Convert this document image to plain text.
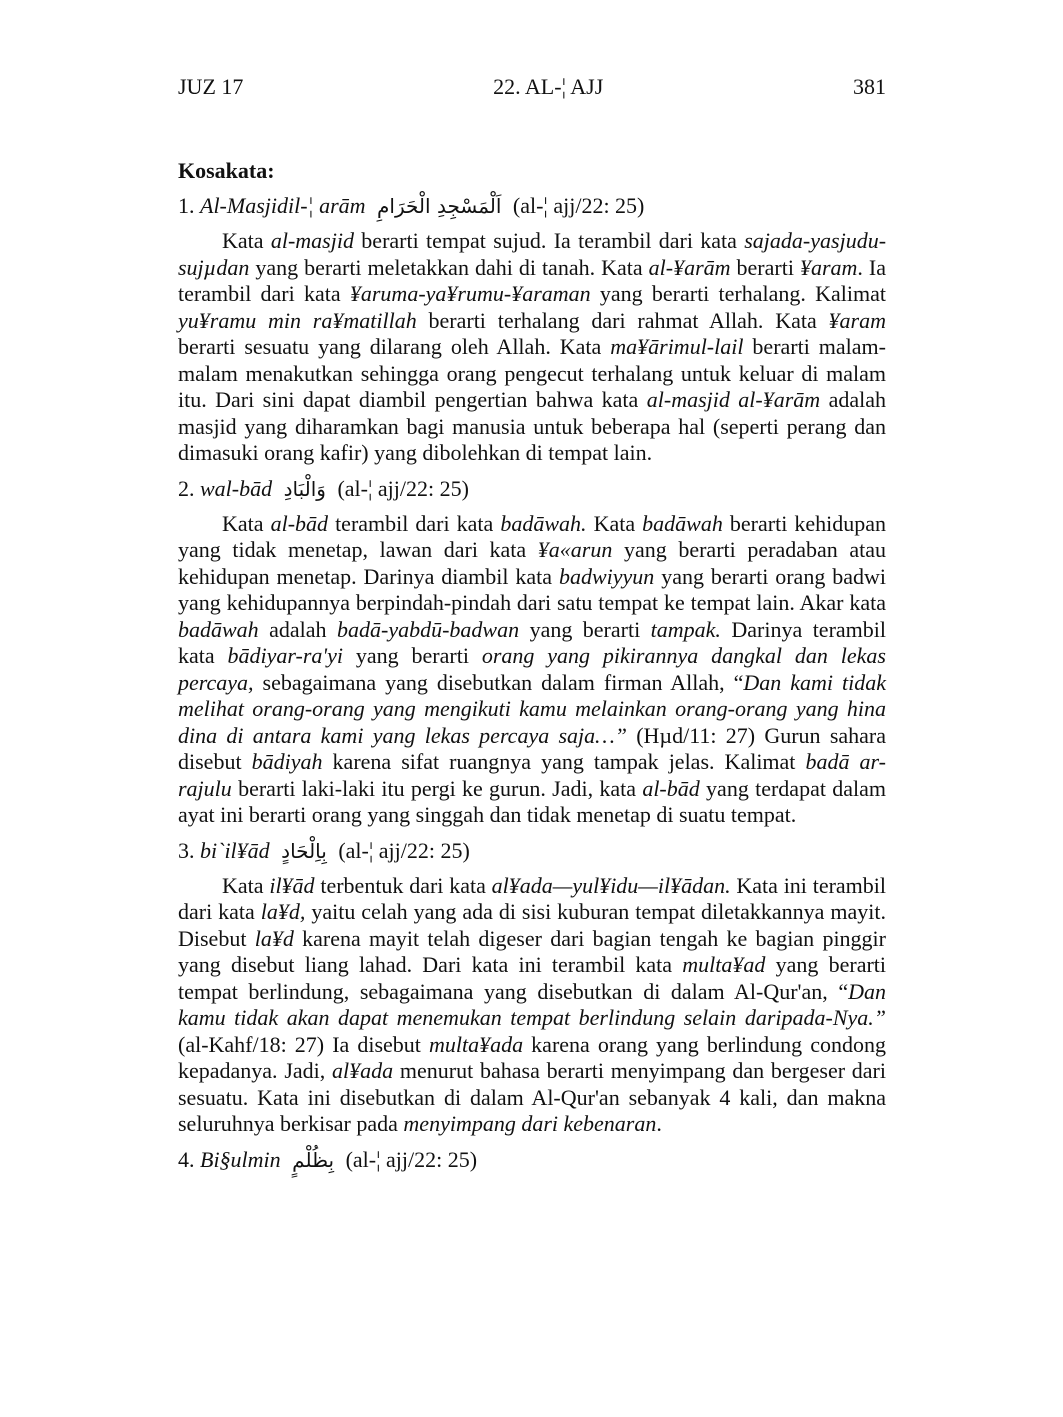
JUZ 17	22. AL-¦ AJJ	381
Kosakata:
1. Al-Masjidil-¦ arām اَلْمَسْجِدِ الْحَرَامِ (al-¦ ajj/22: 25)

Kata al-masjid berarti tempat sujud. Ia terambil dari kata sajada-yasjudu-sujµdan yang berarti meletakkan dahi di tanah. Kata al-¥arām berarti ¥aram. Ia terambil dari kata ¥aruma-ya¥rumu-¥araman yang berarti terhalang. Kalimat yu¥ramu min ra¥matillah berarti terhalang dari rahmat Allah. Kata ¥aram berarti sesuatu yang dilarang oleh Allah. Kata ma¥ārimul-lail berarti malam-malam menakutkan sehingga orang pengecut terhalang untuk keluar di malam itu. Dari sini dapat diambil pengertian bahwa kata al-masjid al-¥arām adalah masjid yang diharamkan bagi manusia untuk beberapa hal (seperti perang dan dimasuki orang kafir) yang dibolehkan di tempat lain.

2. wal-bād وَالْبَادِ (al-¦ ajj/22: 25)

Kata al-bād terambil dari kata badāwah. Kata badāwah berarti kehidupan yang tidak menetap, lawan dari kata ¥a«arun yang berarti peradaban atau kehidupan menetap. Darinya diambil kata badwiyyun yang berarti orang badwi yang kehidupannya berpindah-pindah dari satu tempat ke tempat lain. Akar kata badāwah adalah badā-yabdū-badwan yang berarti tampak. Darinya terambil kata bādiyar-ra'yi yang berarti orang yang pikirannya dangkal dan lekas percaya, sebagaimana yang disebutkan dalam firman Allah, “Dan kami tidak melihat orang-orang yang mengikuti kamu melainkan orang-orang yang hina dina di antara kami yang lekas percaya saja…” (Hµd/11: 27) Gurun sahara disebut bādiyah karena sifat ruangnya yang tampak jelas. Kalimat badā ar-rajulu berarti laki-laki itu pergi ke gurun. Jadi, kata al-bād yang terdapat dalam ayat ini berarti orang yang singgah dan tidak menetap di suatu tempat.

3. bi`il¥ād بِاِلْحَادٍ (al-¦ ajj/22: 25)

Kata il¥ād terbentuk dari kata al¥ada—yul¥idu—il¥ādan. Kata ini terambil dari kata la¥d, yaitu celah yang ada di sisi kuburan tempat diletakkannya mayit. Disebut la¥d karena mayit telah digeser dari bagian tengah ke bagian pinggir yang disebut liang lahad. Dari kata ini terambil kata multa¥ad yang berarti tempat berlindung, sebagaimana yang disebutkan di dalam Al-Qur'an, “Dan kamu tidak akan dapat menemukan tempat berlindung selain daripada-Nya.” (al-Kahf/18: 27) Ia disebut multa¥ada karena orang yang berlindung condong kepadanya. Jadi, al¥ada menurut bahasa berarti menyimpang dan bergeser dari sesuatu. Kata ini disebutkan di dalam Al-Qur'an sebanyak 4 kali, dan makna seluruhnya berkisar pada menyimpang dari kebenaran.

4. Bi§ulmin بِظُلْمٍ (al-¦ ajj/22: 25)
